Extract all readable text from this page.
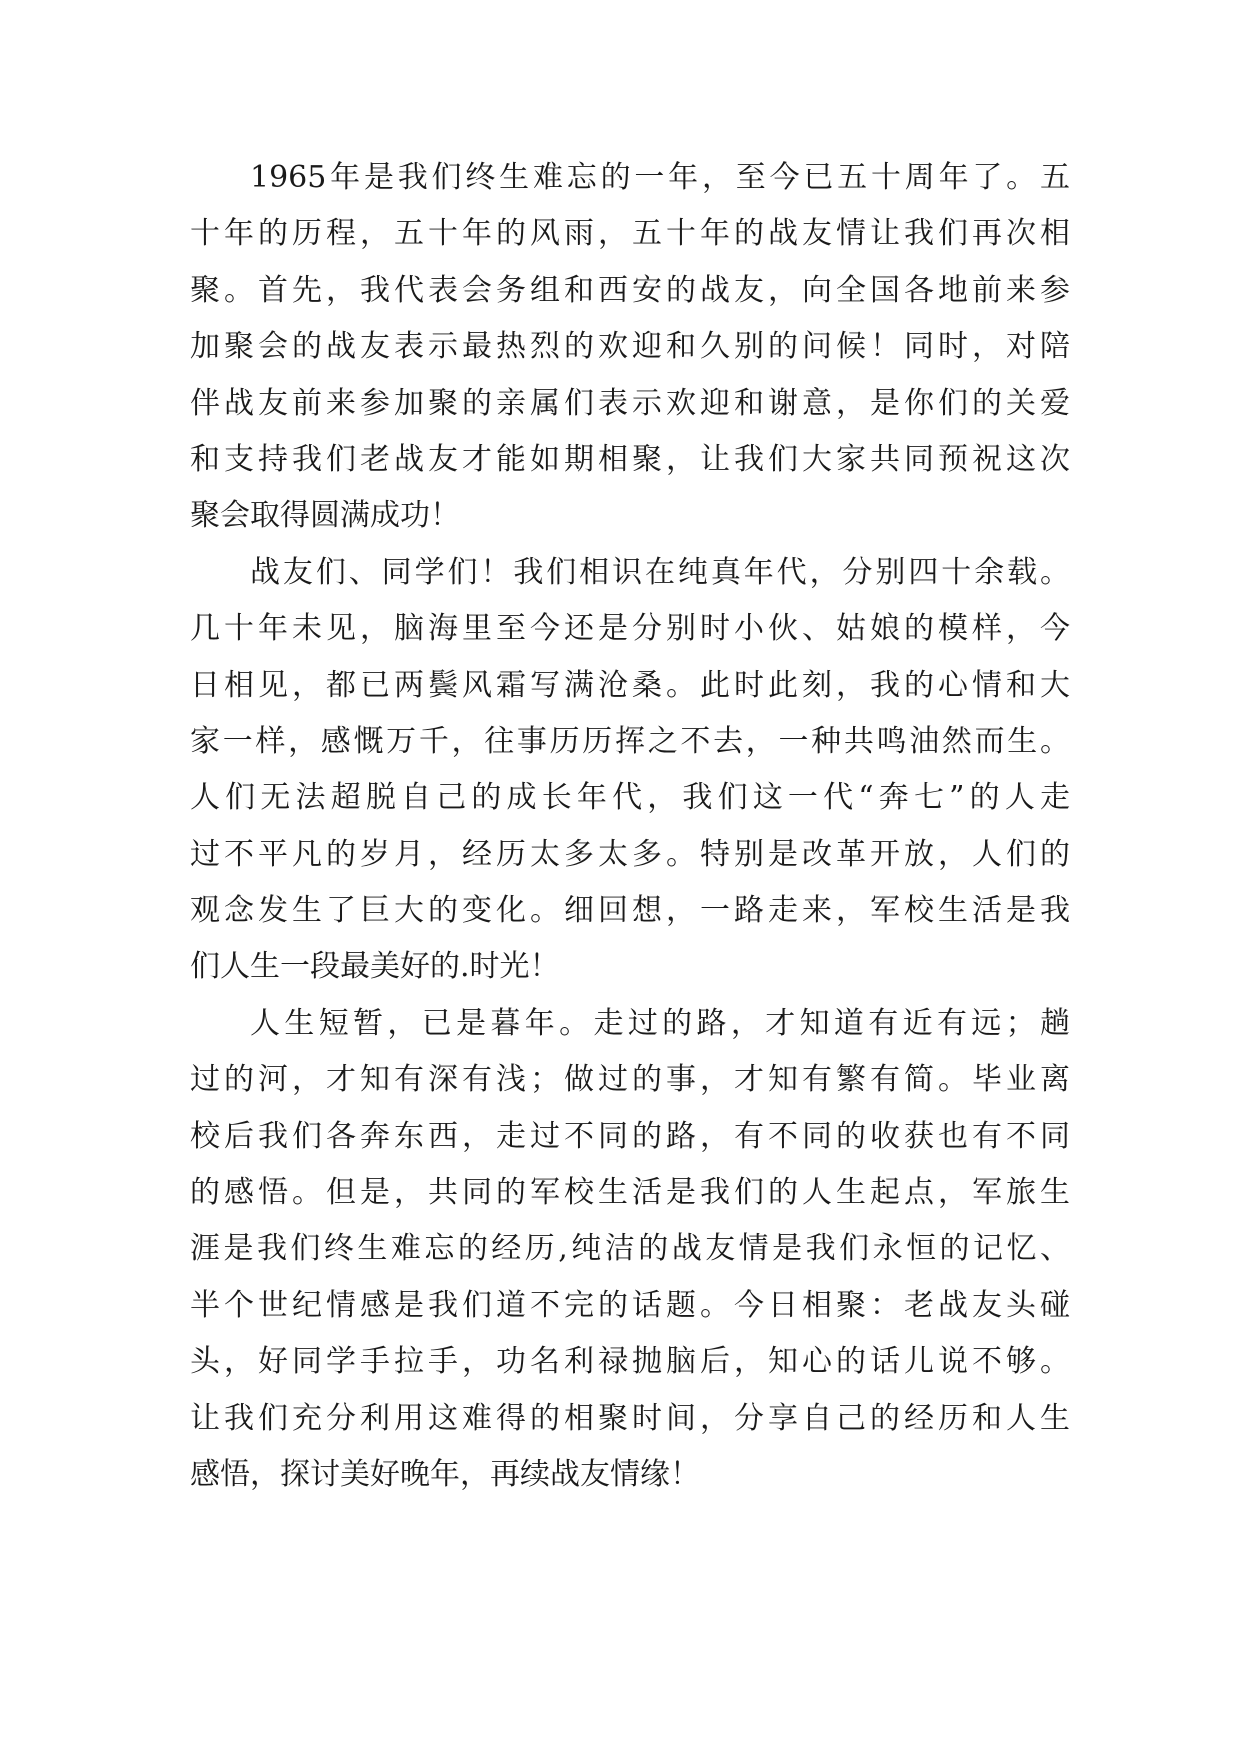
1965年是我们终生难忘的一年，至今已五十周年了。五
十年的历程，五十年的风雨，五十年的战友情让我们再次相
聚。首先，我代表会务组和西安的战友，向全国各地前来参
加聚会的战友表示最热烈的欢迎和久别的问候！同时，对陪
伴战友前来参加聚的亲属们表示欢迎和谢意，是你们的关爱
和支持我们老战友才能如期相聚，让我们大家共同预祝这次
聚会取得圆满成功！
战友们、同学们！我们相识在纯真年代，分别四十余载。
几十年未见，脑海里至今还是分别时小伙、姑娘的模样，今
日相见，都已两鬓风霜写满沧桑。此时此刻，我的心情和大
家一样，感慨万千，往事历历挥之不去，一种共鸣油然而生。
人们无法超脱自己的成长年代，我们这一代“奔七”的人走
过不平凡的岁月，经历太多太多。特别是改革开放，人们的
观念发生了巨大的变化。细回想，一路走来，军校生活是我
们人生一段最美好的.时光！
人生短暂，已是暮年。走过的路，才知道有近有远；趟
过的河，才知有深有浅；做过的事，才知有繁有简。毕业离
校后我们各奔东西，走过不同的路，有不同的收获也有不同
的感悟。但是，共同的军校生活是我们的人生起点，军旅生
涯是我们终生难忘的经历,纯洁的战友情是我们永恒的记忆、
半个世纪情感是我们道不完的话题。今日相聚：老战友头碰
头，好同学手拉手，功名利禄抛脑后，知心的话儿说不够。
让我们充分利用这难得的相聚时间，分享自己的经历和人生
感悟，探讨美好晚年，再续战友情缘！
